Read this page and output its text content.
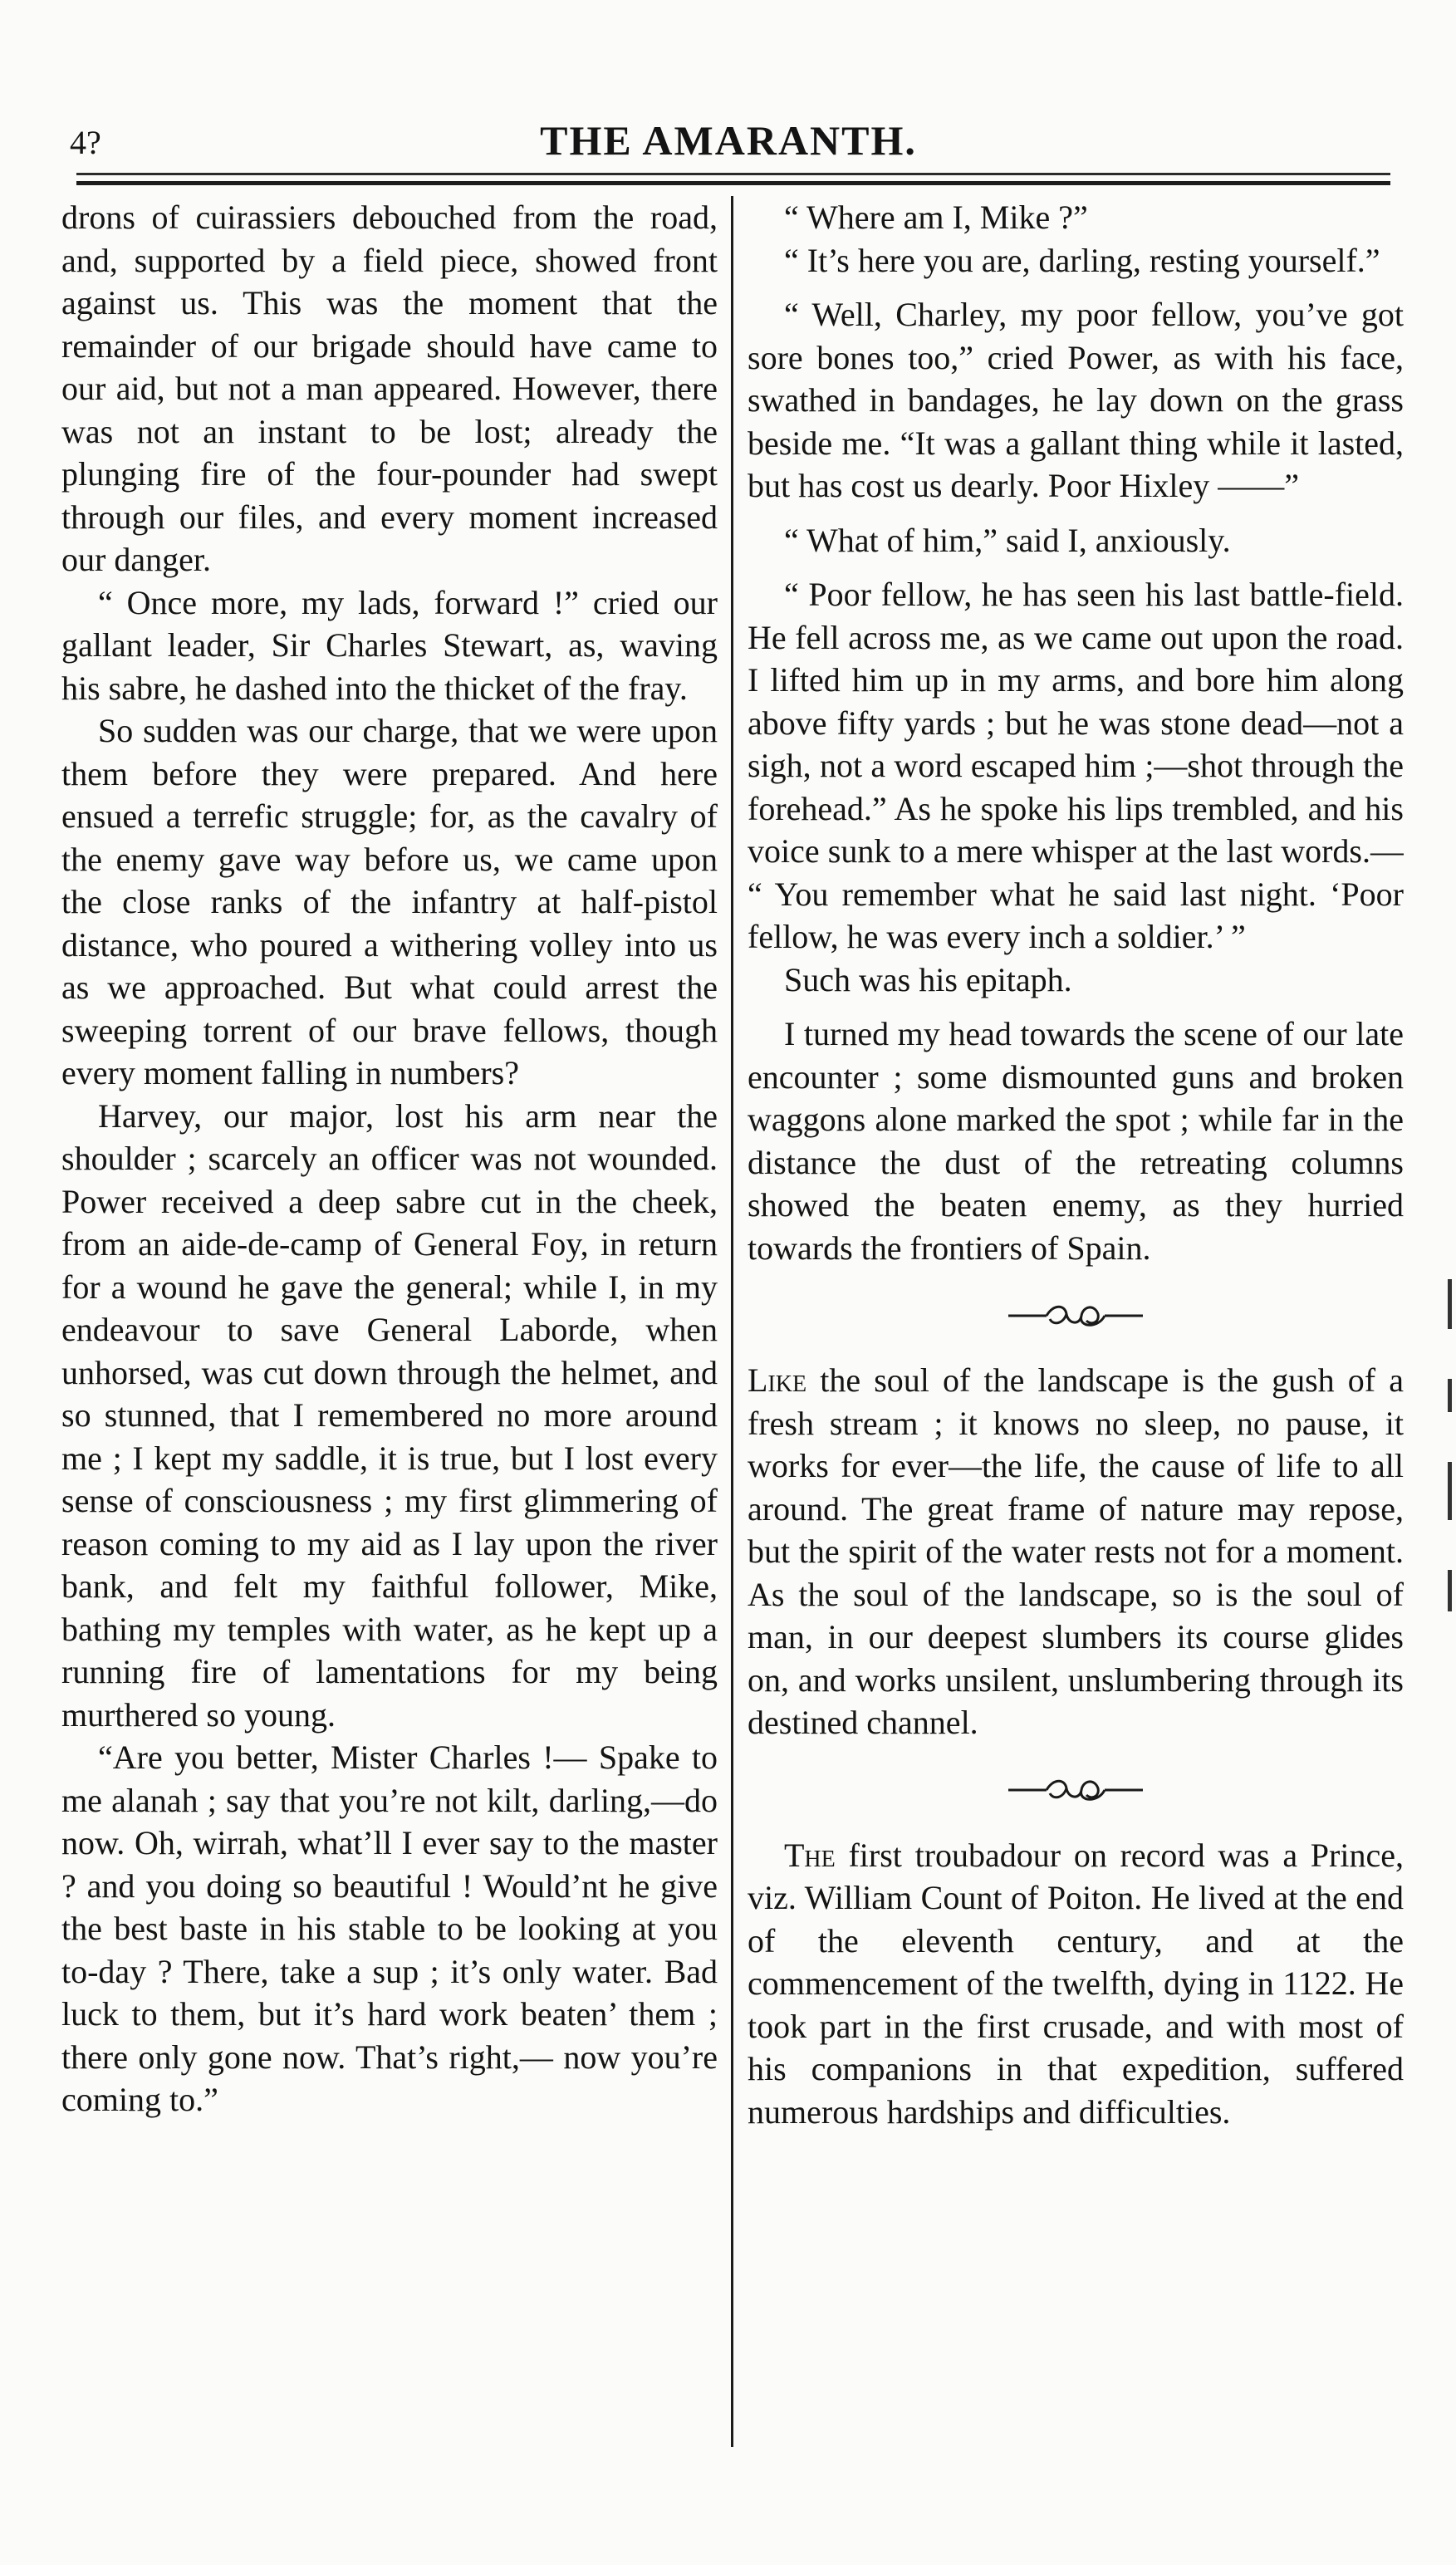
4?	THE AMARANTH.

drons of cuirassiers debouched from the road, and, supported by a field piece, showed front against us. This was the moment that the remainder of our brigade should have came to our aid, but not a man appeared. However, there was not an instant to be lost; already the plunging fire of the four-pounder had swept through our files, and every moment increased our danger.

“ Once more, my lads, forward !” cried our gallant leader, Sir Charles Stewart, as, waving his sabre, he dashed into the thicket of the fray.

So sudden was our charge, that we were upon them before they were prepared. And here ensued a terrefic struggle; for, as the cavalry of the enemy gave way before us, we came upon the close ranks of the infantry at half-pistol distance, who poured a withering volley into us as we approached. But what could arrest the sweeping torrent of our brave fellows, though every moment falling in numbers?

Harvey, our major, lost his arm near the shoulder ; scarcely an officer was not wounded. Power received a deep sabre cut in the cheek, from an aide-de-camp of General Foy, in return for a wound he gave the general; while I, in my endeavour to save General Laborde, when unhorsed, was cut down through the helmet, and so stunned, that I remembered no more around me ; I kept my saddle, it is true, but I lost every sense of consciousness ; my first glimmering of reason coming to my aid as I lay upon the river bank, and felt my faithful follower, Mike, bathing my temples with water, as he kept up a running fire of lamentations for my being murthered so young.

“Are you better, Mister Charles !— Spake to me alanah ; say that you’re not kilt, darling,—do now. Oh, wirrah, what’ll I ever say to the master ? and you doing so beautiful ! Would’nt he give the best baste in his stable to be looking at you to-day ? There, take a sup ; it’s only water. Bad luck to them, but it’s hard work beaten’ them ; there only gone now. That’s right,— now you’re coming to.”

“ Where am I, Mike ?”

“ It’s here you are, darling, resting yourself.”

“ Well, Charley, my poor fellow, you’ve got sore bones too,” cried Power, as with his face, swathed in bandages, he lay down on the grass beside me. “It was a gallant thing while it lasted, but has cost us dearly. Poor Hixley ——”

“ What of him,” said I, anxiously.

“ Poor fellow, he has seen his last battle-field. He fell across me, as we came out upon the road. I lifted him up in my arms, and bore him along above fifty yards ; but he was stone dead—not a sigh, not a word escaped him ;—shot through the forehead.” As he spoke his lips trembled, and his voice sunk to a mere whisper at the last words.— “ You remember what he said last night. ‘Poor fellow, he was every inch a soldier.’ ”

Such was his epitaph.

I turned my head towards the scene of our late encounter ; some dismounted guns and broken waggons alone marked the spot ; while far in the distance the dust of the retreating columns showed the beaten enemy, as they hurried towards the frontiers of Spain.

Like the soul of the landscape is the gush of a fresh stream ; it knows no sleep, no pause, it works for ever—the life, the cause of life to all around. The great frame of nature may repose, but the spirit of the water rests not for a moment. As the soul of the landscape, so is the soul of man, in our deepest slumbers its course glides on, and works unsilent, unslumbering through its destined channel.

The first troubadour on record was a Prince, viz. William Count of Poiton. He lived at the end of the eleventh century, and at the commencement of the twelfth, dying in 1122. He took part in the first crusade, and with most of his companions in that expedition, suffered numerous hardships and difficulties.
